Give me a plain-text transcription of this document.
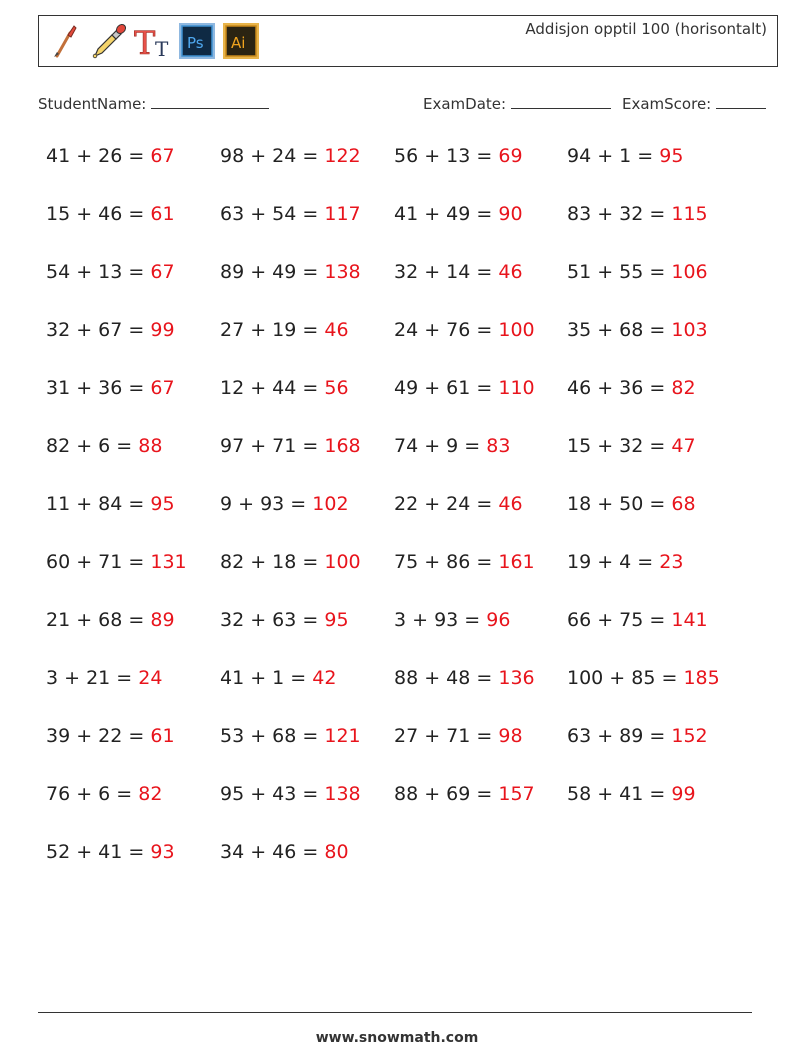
T T Ps Ai
Addisjon opptil 100 (horisontalt)
StudentName:	ExamDate:	ExamScore:
41 + 26 = 67 98 + 24 = 122 56 + 13 = 69 94 + 1 = 95
15 + 46 = 61 63 + 54 = 117 41 + 49 = 90 83 + 32 = 115
54 + 13 = 67 89 + 49 = 138 32 + 14 = 46 51 + 55 = 106
32 + 67 = 99 27 + 19 = 46 24 + 76 = 100 35 + 68 = 103
31 + 36 = 67 12 + 44 = 56 49 + 61 = 110 46 + 36 = 82
82 + 6 = 88	97 + 71 = 168 74 + 9 = 83	15 + 32 = 47
11 + 84 = 95 9 + 93 = 102 22 + 24 = 46 18 + 50 = 68
60 + 71 = 131 82 + 18 = 100 75 + 86 = 161 19 + 4 = 23
21 + 68 = 89 32 + 63 = 95 3 + 93 = 96	66 + 75 = 141
3 + 21 = 24	41 + 1 = 42	88 + 48 = 136 100 + 85 = 185
39 + 22 = 61 53 + 68 = 121 27 + 71 = 98 63 + 89 = 152
76 + 6 = 82	95 + 43 = 138 88 + 69 = 157 58 + 41 = 99
52 + 41 = 93 34 + 46 = 80
www.snowmath.com
